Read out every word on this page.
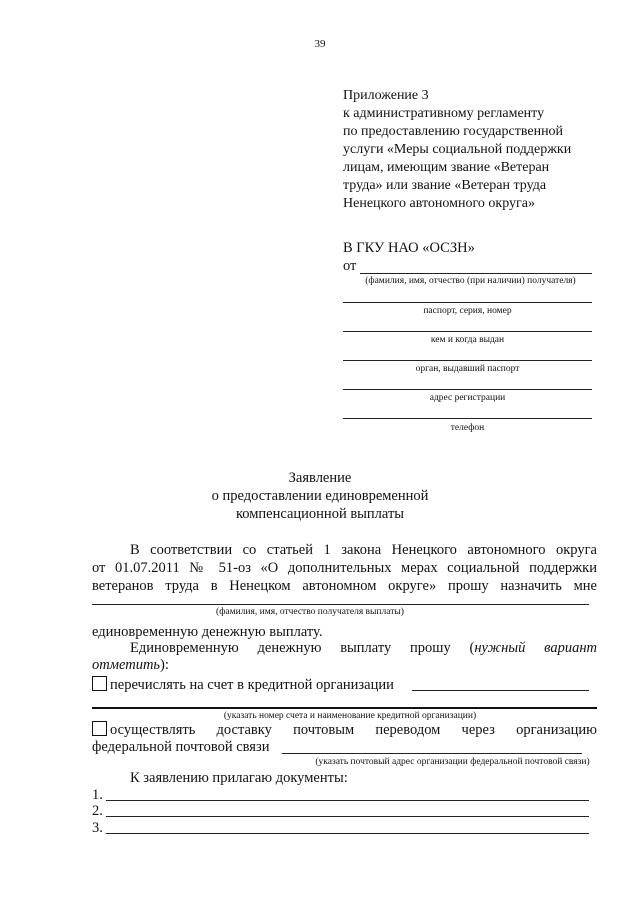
39
Приложение 3
к административному регламенту
по предоставлению государственной
услуги «Меры социальной поддержки
лицам, имеющим звание «Ветеран
труда» или звание «Ветеран труда
Ненецкого автономного округа»
В ГКУ НАО «ОСЗН»
от
(фамилия, имя, отчество (при наличии) получателя)
паспорт, серия, номер
кем и когда выдан
орган, выдавший паспорт
адрес регистрации
телефон
Заявление
о предоставлении единовременной
компенсационной выплаты
В соответствии со статьей 1 закона Ненецкого автономного округа
от 01.07.2011 № 51-оз «О дополнительных мерах социальной поддержки
ветеранов труда в Ненецком автономном округе» прошу назначить мне
(фамилия, имя, отчество получателя выплаты)
единовременную денежную выплату.
Единовременную денежную выплату прошу (нужный вариант
отметить):
перечислять на счет в кредитной организации
(указать номер счета и наименование кредитной организации)
осуществлять доставку почтовым переводом через организацию
федеральной почтовой связи
(указать почтовый адрес организации федеральной почтовой связи)
К заявлению прилагаю документы:
1.
2.
3.
